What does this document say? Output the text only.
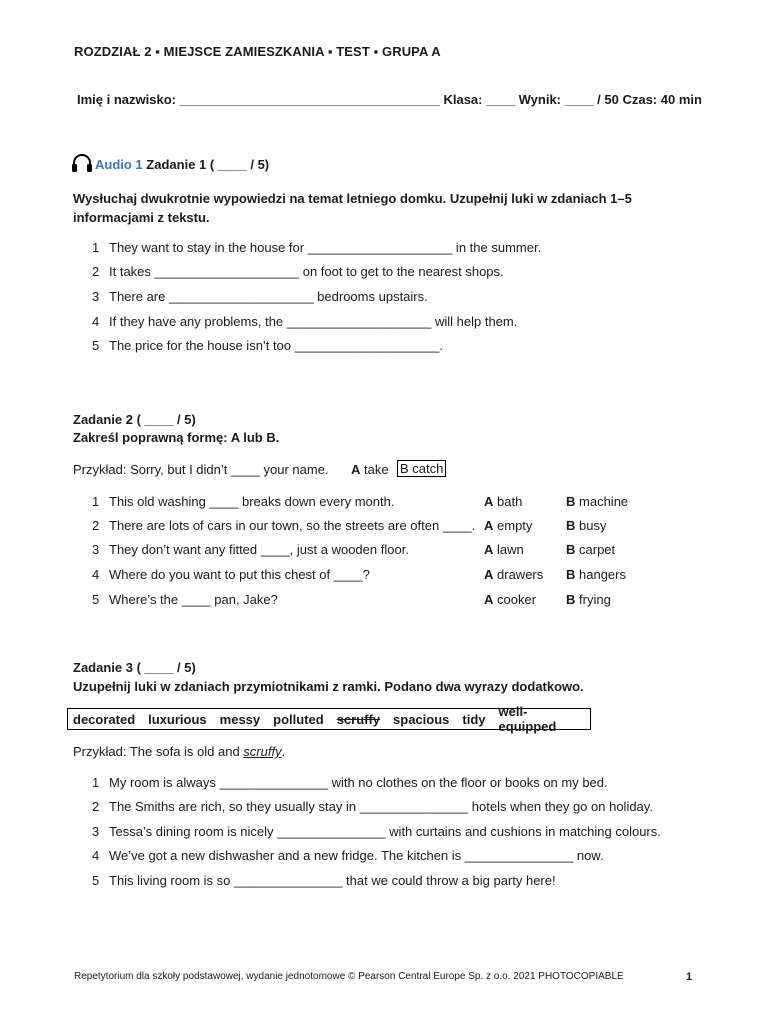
ROZDZIAŁ 2 ▪ MIEJSCE ZAMIESZKANIA ▪ TEST ▪ GRUPA A
Imię i nazwisko: ____________________________________ Klasa: ____ Wynik: ____ / 50 Czas: 40 min
Audio 1 Zadanie 1 ( ____ / 5)
Wysłuchaj dwukrotnie wypowiedzi na temat letniego domku. Uzupełnij luki w zdaniach 1–5 informacjami z tekstu.
1 They want to stay in the house for ____________________ in the summer.
2 It takes ____________________ on foot to get to the nearest shops.
3 There are ____________________ bedrooms upstairs.
4 If they have any problems, the ____________________ will help them.
5 The price for the house isn’t too ____________________.
Zadanie 2 ( ____ / 5)
Zakreśl poprawną formę: A lub B.
Przykład: Sorry, but I didn’t ____ your name. A take B catch
1 This old washing ____ breaks down every month.	A bath	B machine
2 There are lots of cars in our town, so the streets are often ____. A empty	B busy
3 They don’t want any fitted ____, just a wooden floor.	A lawn	B carpet
4 Where do you want to put this chest of ____?	A drawers B hangers
5 Where’s the ____ pan, Jake?	A cooker B frying
Zadanie 3 ( ____ / 5)
Uzupełnij luki w zdaniach przymiotnikami z ramki. Podano dwa wyrazy dodatkowo.
decorated luxurious messy polluted scruffy spacious tidy well-equipped
Przykład: The sofa is old and scruffy.
1 My room is always _______________ with no clothes on the floor or books on my bed.
2 The Smiths are rich, so they usually stay in _______________ hotels when they go on holiday.
3 Tessa’s dining room is nicely _______________ with curtains and cushions in matching colours.
4 We’ve got a new dishwasher and a new fridge. The kitchen is _______________ now.
5 This living room is so _______________ that we could throw a big party here!
Repetytorium dla szkoły podstawowej, wydanie jednotomowe © Pearson Central Europe Sp. z o.o. 2021 PHOTOCOPIABLE	1
